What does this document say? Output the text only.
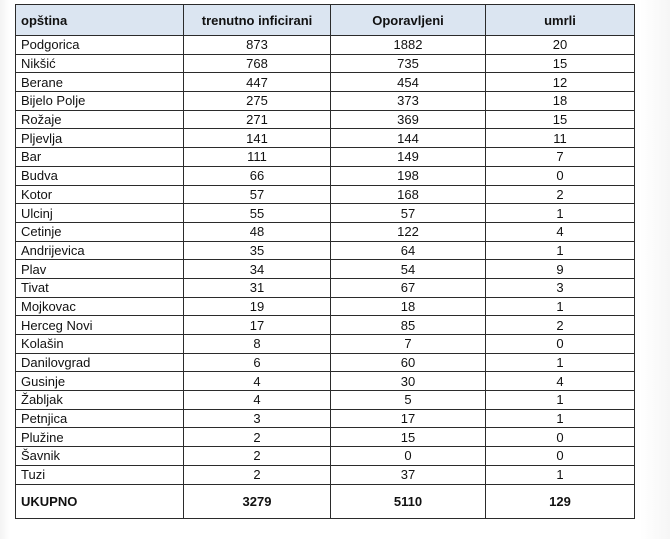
opština	trenutno inficirani	Oporavljeni	umrli
Podgorica	873	1882	20
Nikšić	768	735	15
Berane	447	454	12
Bijelo Polje	275	373	18
Rožaje	271	369	15
Pljevlja	141	144	11
Bar	111	149	7
Budva	66	198	0
Kotor	57	168	2
Ulcinj	55	57	1
Cetinje	48	122	4
Andrijevica	35	64	1
Plav	34	54	9
Tivat	31	67	3
Mojkovac	19	18	1
Herceg Novi	17	85	2
Kolašin	8	7	0
Danilovgrad	6	60	1
Gusinje	4	30	4
Žabljak	4	5	1
Petnjica	3	17	1
Plužine	2	15	0
Šavnik	2	0	0
Tuzi	2	37	1
UKUPNO	3279	5110	129
